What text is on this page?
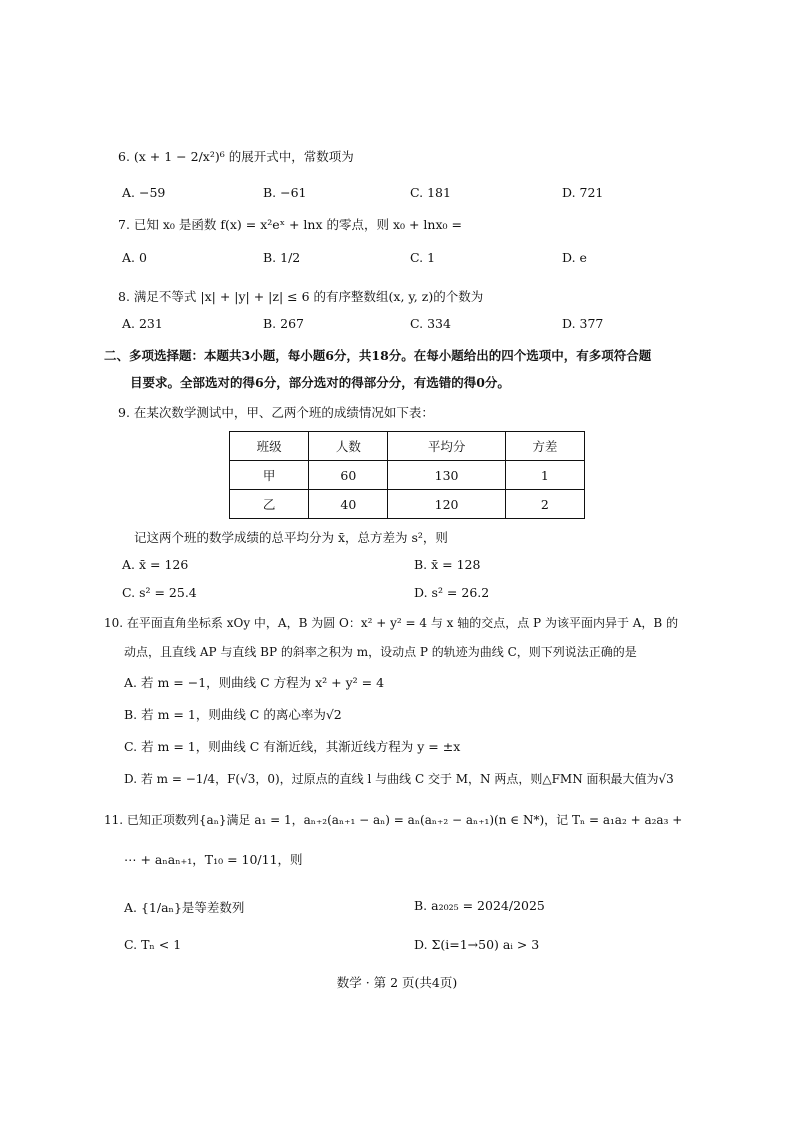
6. (x + 1 − 2/x²)⁶ 的展开式中，常数项为
A. −59	B. −61	C. 181	D. 721
7. 已知 x₀ 是函数 f(x) = x²eˣ + lnx 的零点，则 x₀ + lnx₀ =
A. 0	B. 1/2	C. 1	D. e
8. 满足不等式 |x| + |y| + |z| ≤ 6 的有序整数组(x, y, z)的个数为
A. 231	B. 267	C. 334	D. 377
二、多项选择题：本题共3小题，每小题6分，共18分。在每小题给出的四个选项中，有多项符合题
目要求。全部选对的得6分，部分选对的得部分分，有选错的得0分。
9. 在某次数学测试中，甲、乙两个班的成绩情况如下表：
班级	人数	平均分	方差
甲	60	130	1
乙	40	120	2
记这两个班的数学成绩的总平均分为 x̄，总方差为 s²，则
A. x̄ = 126	B. x̄ = 128
C. s² = 25.4	D. s² = 26.2
10. 在平面直角坐标系 xOy 中，A，B 为圆 O：x² + y² = 4 与 x 轴的交点，点 P 为该平面内异于 A，B 的
动点，且直线 AP 与直线 BP 的斜率之积为 m，设动点 P 的轨迹为曲线 C，则下列说法正确的是
A. 若 m = −1，则曲线 C 方程为 x² + y² = 4
B. 若 m = 1，则曲线 C 的离心率为√2
C. 若 m = 1，则曲线 C 有渐近线，其渐近线方程为 y = ±x
D. 若 m = −1/4，F(√3，0)，过原点的直线 l 与曲线 C 交于 M，N 两点，则△FMN 面积最大值为√3
11. 已知正项数列{aₙ}满足 a₁ = 1，aₙ₊₂(aₙ₊₁ − aₙ) = aₙ(aₙ₊₂ − aₙ₊₁)(n ∈ N*)，记 Tₙ = a₁a₂ + a₂a₃ +
⋯ + aₙaₙ₊₁，T₁₀ = 10/11，则
A. {1/aₙ}是等差数列	B. a₂₀₂₅ = 2024/2025
C. Tₙ < 1	D. Σ(i=1→50) aᵢ > 3
数学 · 第 2 页(共4页)
